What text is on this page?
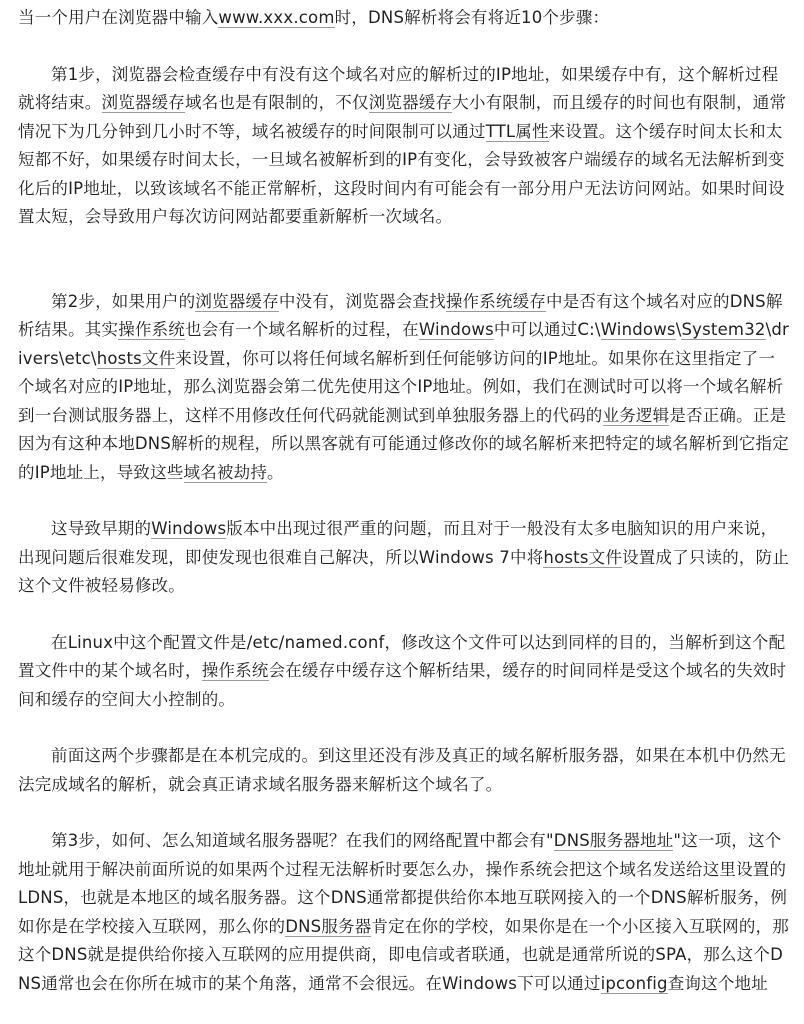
当一个用户在浏览器中输入www.xxx.com时，DNS解析将会有将近10个步骤：

第1步，浏览器会检查缓存中有没有这个域名对应的解析过的IP地址，如果缓存中有，这个解析过程就将结束。浏览器缓存域名也是有限制的，不仅浏览器缓存大小有限制，而且缓存的时间也有限制，通常情况下为几分钟到几小时不等，域名被缓存的时间限制可以通过TTL属性来设置。这个缓存时间太长和太短都不好，如果缓存时间太长，一旦域名被解析到的IP有变化，会导致被客户端缓存的域名无法解析到变化后的IP地址，以致该域名不能正常解析，这段时间内有可能会有一部分用户无法访问网站。如果时间设置太短，会导致用户每次访问网站都要重新解析一次域名。

第2步，如果用户的浏览器缓存中没有，浏览器会查找操作系统缓存中是否有这个域名对应的DNS解析结果。其实操作系统也会有一个域名解析的过程，在Windows中可以通过C:\Windows\System32\drivers\etc\hosts文件来设置，你可以将任何域名解析到任何能够访问的IP地址。如果你在这里指定了一个域名对应的IP地址，那么浏览器会第二优先使用这个IP地址。例如，我们在测试时可以将一个域名解析到一台测试服务器上，这样不用修改任何代码就能测试到单独服务器上的代码的业务逻辑是否正确。正是因为有这种本地DNS解析的规程，所以黑客就有可能通过修改你的域名解析来把特定的域名解析到它指定的IP地址上，导致这些域名被劫持。

这导致早期的Windows版本中出现过很严重的问题，而且对于一般没有太多电脑知识的用户来说，出现问题后很难发现，即使发现也很难自己解决，所以Windows 7中将hosts文件设置成了只读的，防止这个文件被轻易修改。

在Linux中这个配置文件是/etc/named.conf，修改这个文件可以达到同样的目的，当解析到这个配置文件中的某个域名时，操作系统会在缓存中缓存这个解析结果，缓存的时间同样是受这个域名的失效时间和缓存的空间大小控制的。

前面这两个步骤都是在本机完成的。到这里还没有涉及真正的域名解析服务器，如果在本机中仍然无法完成域名的解析，就会真正请求域名服务器来解析这个域名了。

第3步，如何、怎么知道域名服务器呢？在我们的网络配置中都会有"DNS服务器地址"这一项，这个地址就用于解决前面所说的如果两个过程无法解析时要怎么办，操作系统会把这个域名发送给这里设置的LDNS，也就是本地区的域名服务器。这个DNS通常都提供给你本地互联网接入的一个DNS解析服务，例如你是在学校接入互联网，那么你的DNS服务器肯定在你的学校，如果你是在一个小区接入互联网的，那这个DNS就是提供给你接入互联网的应用提供商，即电信或者联通，也就是通常所说的SPA，那么这个DNS通常也会在你所在城市的某个角落，通常不会很远。在Windows下可以通过ipconfig查询这个地址
